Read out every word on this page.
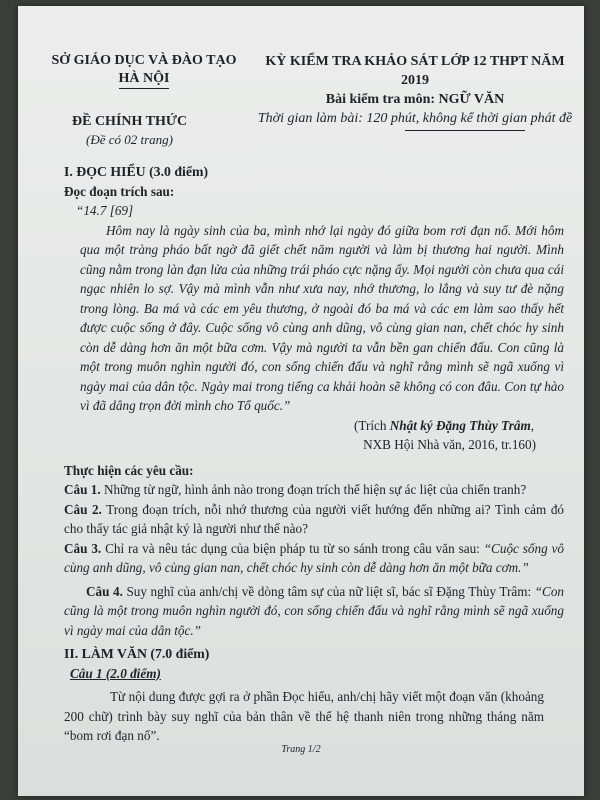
SỞ GIÁO DỤC VÀ ĐÀO TẠO
HÀ NỘI
KỲ KIỂM TRA KHẢO SÁT LỚP 12 THPT NĂM 2019
Bài kiểm tra môn: NGỮ VĂN
Thời gian làm bài: 120 phút, không kể thời gian phát đề
ĐỀ CHÍNH THỨC
(Đề có 02 trang)

I. ĐỌC HIỂU (3.0 điểm)

Đọc đoạn trích sau:

“14.7 [69]

Hôm nay là ngày sinh của ba, mình nhớ lại ngày đó giữa bom rơi đạn nổ. Mới hôm qua một tràng pháo bất ngờ đã giết chết năm người và làm bị thương hai người. Mình cũng nằm trong làn đạn lửa của những trái pháo cực nặng ấy. Mọi người còn chưa qua cái ngạc nhiên lo sợ. Vậy mà mình vẫn như xưa nay, nhớ thương, lo lắng và suy tư đè nặng trong lòng. Ba má và các em yêu thương, ở ngoài đó ba má và các em làm sao thấy hết được cuộc sống ở đây. Cuộc sống vô cùng anh dũng, vô cùng gian nan, chết chóc hy sinh còn dễ dàng hơn ăn một bữa cơm. Vậy mà người ta vẫn bền gan chiến đấu. Con cũng là một trong muôn nghìn người đó, con sống chiến đấu và nghĩ rằng mình sẽ ngã xuống vì ngày mai của dân tộc. Ngày mai trong tiếng ca khải hoàn sẽ không có con đâu. Con tự hào vì đã dâng trọn đời mình cho Tổ quốc.”

(Trích Nhật ký Đặng Thùy Trâm,

NXB Hội Nhà văn, 2016, tr.160)

Thực hiện các yêu cầu:

Câu 1. Những từ ngữ, hình ảnh nào trong đoạn trích thể hiện sự ác liệt của chiến tranh?

Câu 2. Trong đoạn trích, nỗi nhớ thương của người viết hướng đến những ai? Tình cảm đó cho thấy tác giả nhật ký là người như thế nào?

Câu 3. Chỉ ra và nêu tác dụng của biện pháp tu từ so sánh trong câu văn sau: “Cuộc sống vô cùng anh dũng, vô cùng gian nan, chết chóc hy sinh còn dễ dàng hơn ăn một bữa cơm.”

Câu 4. Suy nghĩ của anh/chị về dòng tâm sự của nữ liệt sĩ, bác sĩ Đặng Thùy Trâm: “Con cũng là một trong muôn nghìn người đó, con sống chiến đấu và nghĩ rằng mình sẽ ngã xuống vì ngày mai của dân tộc.”

II. LÀM VĂN (7.0 điểm)

Câu 1 (2.0 điểm)

Từ nội dung được gợi ra ở phần Đọc hiểu, anh/chị hãy viết một đoạn văn (khoảng 200 chữ) trình bày suy nghĩ của bản thân về thế hệ thanh niên trong những tháng năm “bom rơi đạn nổ”.

Trang 1/2
